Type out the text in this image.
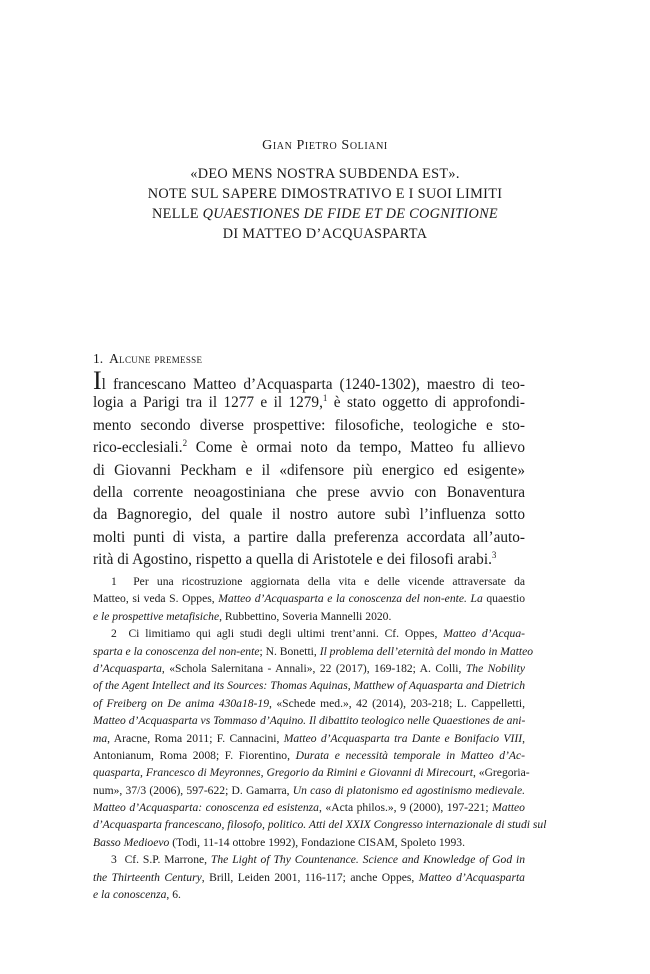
Gian Pietro Soliani
«DEO MENS NOSTRA SUBDENDA EST».
NOTE SUL SAPERE DIMOSTRATIVO E I SUOI LIMITI
NELLE QUAESTIONES DE FIDE ET DE COGNITIONE
DI MATTEO D’ACQUASPARTA
1. Alcune premesse
Il francescano Matteo d’Acquasparta (1240-1302), maestro di teo-
logia a Parigi tra il 1277 e il 1279,$^1$ è stato oggetto di approfondi-
mento secondo diverse prospettive: filosofiche, teologiche e sto-
rico-ecclesiali.$^2$ Come è ormai noto da tempo, Matteo fu allievo
di Giovanni Peckham e il «difensore più energico ed esigente»
della corrente neoagostiniana che prese avvio con Bonaventura
da Bagnoregio, del quale il nostro autore subì l’influenza sotto
molti punti di vista, a partire dalla preferenza accordata all’auto-
rità di Agostino, rispetto a quella di Aristotele e dei filosofi arabi.$^3$
1 Per una ricostruzione aggiornata della vita e delle vicende attraversate da
Matteo, si veda S. Oppes, Matteo d’Acquasparta e la conoscenza del non-ente. La quaestio
e le prospettive metafisiche, Rubbettino, Soveria Mannelli 2020.
2 Ci limitiamo qui agli studi degli ultimi trent’anni. Cf. Oppes, Matteo d’Acqua-
sparta e la conoscenza del non-ente; N. Bonetti, Il problema dell’eternità del mondo in Matteo
d’Acquasparta, «Schola Salernitana - Annali», 22 (2017), 169-182; A. Colli, The Nobility
of the Agent Intellect and its Sources: Thomas Aquinas, Matthew of Aquasparta and Dietrich
of Freiberg on De anima 430a18-19, «Schede med.», 42 (2014), 203-218; L. Cappelletti,
Matteo d’Acquasparta vs Tommaso d’Aquino. Il dibattito teologico nelle Quaestiones de ani-
ma, Aracne, Roma 2011; F. Cannacini, Matteo d’Acquasparta tra Dante e Bonifacio VIII,
Antonianum, Roma 2008; F. Fiorentino, Durata e necessità temporale in Matteo d’Ac-
quasparta, Francesco di Meyronnes, Gregorio da Rimini e Giovanni di Mirecourt, «Gregoria-
num», 37/3 (2006), 597-622; D. Gamarra, Un caso di platonismo ed agostinismo medievale.
Matteo d’Acquasparta: conoscenza ed esistenza, «Acta philos.», 9 (2000), 197-221; Matteo
d’Acquasparta francescano, filosofo, politico. Atti del XXIX Congresso internazionale di studi sul
Basso Medioevo (Todi, 11-14 ottobre 1992), Fondazione CISAM, Spoleto 1993.
3 Cf. S.P. Marrone, The Light of Thy Countenance. Science and Knowledge of God in
the Thirteenth Century, Brill, Leiden 2001, 116-117; anche Oppes, Matteo d’Acquasparta
e la conoscenza, 6.
